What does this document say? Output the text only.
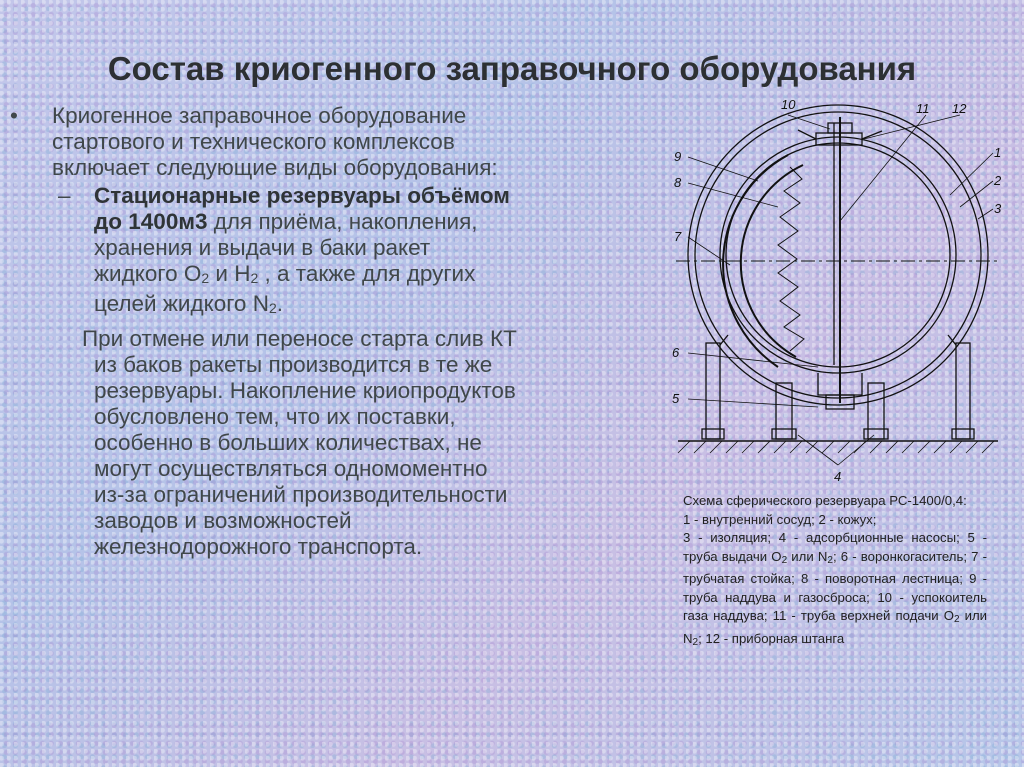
Состав криогенного заправочного оборудования
• Криогенное заправочное оборудование стартового и технического комплексов включает следующие виды оборудования:
– Стационарные резервуары объёмом до 1400м3 для приёма, накопления, хранения и выдачи в баки ракет жидкого О2 и Н2 , а также для других целей жидкого N2.
При отмене или переносе старта слив КТ из баков ракеты производится в те же резервуары. Накопление криопродуктов обусловлено тем, что их поставки, особенно в больших количествах, не могут осуществляться одномоментно из-за ограничений производительности заводов и возможностей железнодорожного транспорта.
10	11 12
1
2
3
9
8
7
6
5
4
Схема сферического резервуара РС-1400/0,4:
1 - внутренний сосуд; 2 - кожух;
3 - изоляция; 4 - адсорбционные насосы; 5 - труба выдачи O2 или N2; 6 - воронкогаситель; 7 - трубчатая стойка; 8 - поворотная лестница; 9 - труба наддува и газосброса; 10 - успокоитель газа наддува; 11 - труба верхней подачи O2 или N2; 12 - приборная штанга
